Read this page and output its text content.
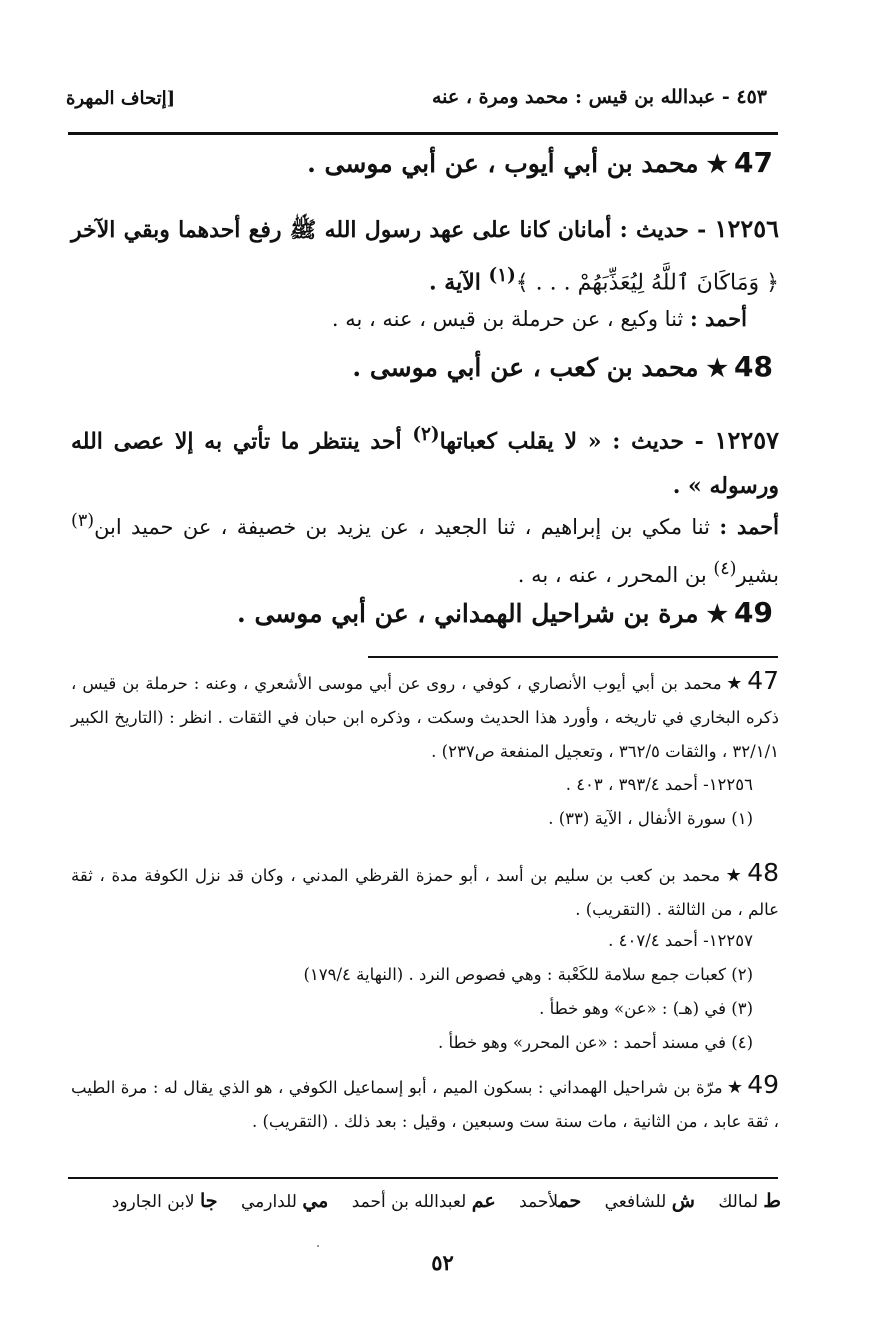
٤٥٣ - عبدالله بن قيس : محمد ومرة ، عنه
[إتحاف المهرة
47★محمد بن أبي أيوب ، عن أبي موسى .
١٢٢٥٦ - حديث : أمانان كانا على عهد رسول الله ﷺ رفع أحدهما وبقي الآخر ﴿ وَمَاكَانَ ٱللَّهُ لِيُعَذِّبَهُمْ . . . ﴾$^{(١)}$ الآية .
أحمد : ثنا وكيع ، عن حرملة بن قيس ، عنه ، به .
48★محمد بن كعب ، عن أبي موسى .
١٢٢٥٧ - حديث : « لا يقلب كعباتها$^{(٢)}$ أحد ينتظر ما تأتي به إلا عصى الله ورسوله » .
أحمد : ثنا مكي بن إبراهيم ، ثنا الجعيد ، عن يزيد بن خصيفة ، عن حميد ابن$^{(٣)}$ بشير$^{(٤)}$ بن المحرر ، عنه ، به .
49★مرة بن شراحيل الهمداني ، عن أبي موسى .
47★محمد بن أبي أيوب الأنصاري ، كوفي ، روى عن أبي موسى الأشعري ، وعنه : حرملة بن قيس ، ذكره البخاري في تاريخه ، وأورد هذا الحديث وسكت ، وذكره ابن حبان في الثقات . انظر : (التاريخ الكبير ٣٢/١/١ ، والثقات ٣٦٢/٥ ، وتعجيل المنفعة ص٢٣٧) .
١٢٢٥٦- أحمد ٣٩٣/٤ ، ٤٠٣ .
(١) سورة الأنفال ، الآية (٣٣) .
48★محمد بن كعب بن سليم بن أسد ، أبو حمزة القرظي المدني ، وكان قد نزل الكوفة مدة ، ثقة عالم ، من الثالثة . (التقريب) .
١٢٢٥٧- أحمد ٤٠٧/٤ .
(٢) كعبات جمع سلامة للكَعْبة : وهي فصوص النرد . (النهاية ١٧٩/٤)
(٣) في (هـ) : «عن» وهو خطأ .
(٤) في مسند أحمد : «عن المحرر» وهو خطأ .
49★مرّة بن شراحيل الهمداني : بسكون الميم ، أبو إسماعيل الكوفي ، هو الذي يقال له : مرة الطيب ، ثقة عابد ، من الثانية ، مات سنة ست وسبعين ، وقيل : بعد ذلك . (التقريب) .
ط لمالك ش للشافعي حملأحمد عم لعبدالله بن أحمد مي للدارمي جا لابن الجارود
٥٢
